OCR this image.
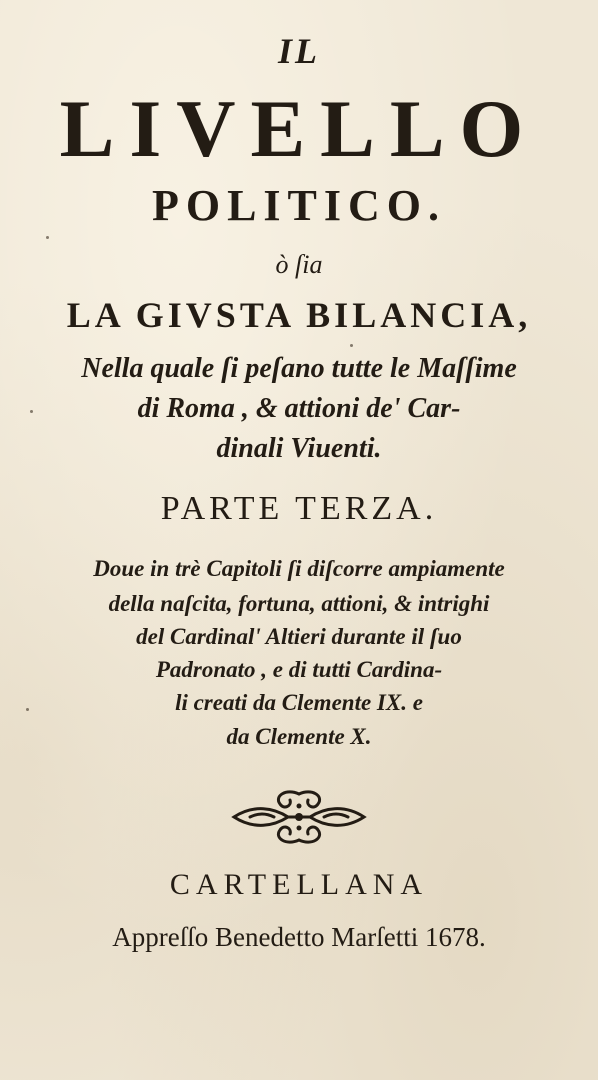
IL
LIVELLO
POLITICO.
ò ſia
LA GIVSTA BILANCIA,
Nella quale ſi peſano tutte le Maſſime
di Roma , & attioni de' Car-
dinali Viuenti.
PARTE TERZA.
Doue in trè Capitoli ſi diſcorre ampiamente
della naſcita, fortuna, attioni, & intrighi
del Cardinal' Altieri durante il ſuo
Padronato , e di tutti Cardina-
li creati da Clemente IX. e
da Clemente X.
CARTELLANA
Appreſſo Benedetto Marſetti 1678.
